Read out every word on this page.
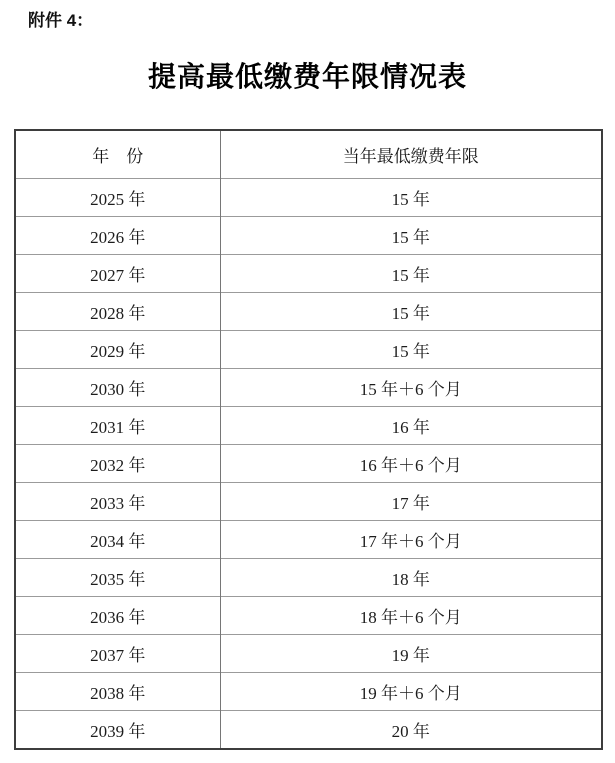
附件 4：
提高最低缴费年限情况表
年　份	当年最低缴费年限
2025 年	15 年
2026 年	15 年
2027 年	15 年
2028 年	15 年
2029 年	15 年
2030 年	15 年＋6 个月
2031 年	16 年
2032 年	16 年＋6 个月
2033 年	17 年
2034 年	17 年＋6 个月
2035 年	18 年
2036 年	18 年＋6 个月
2037 年	19 年
2038 年	19 年＋6 个月
2039 年	20 年
